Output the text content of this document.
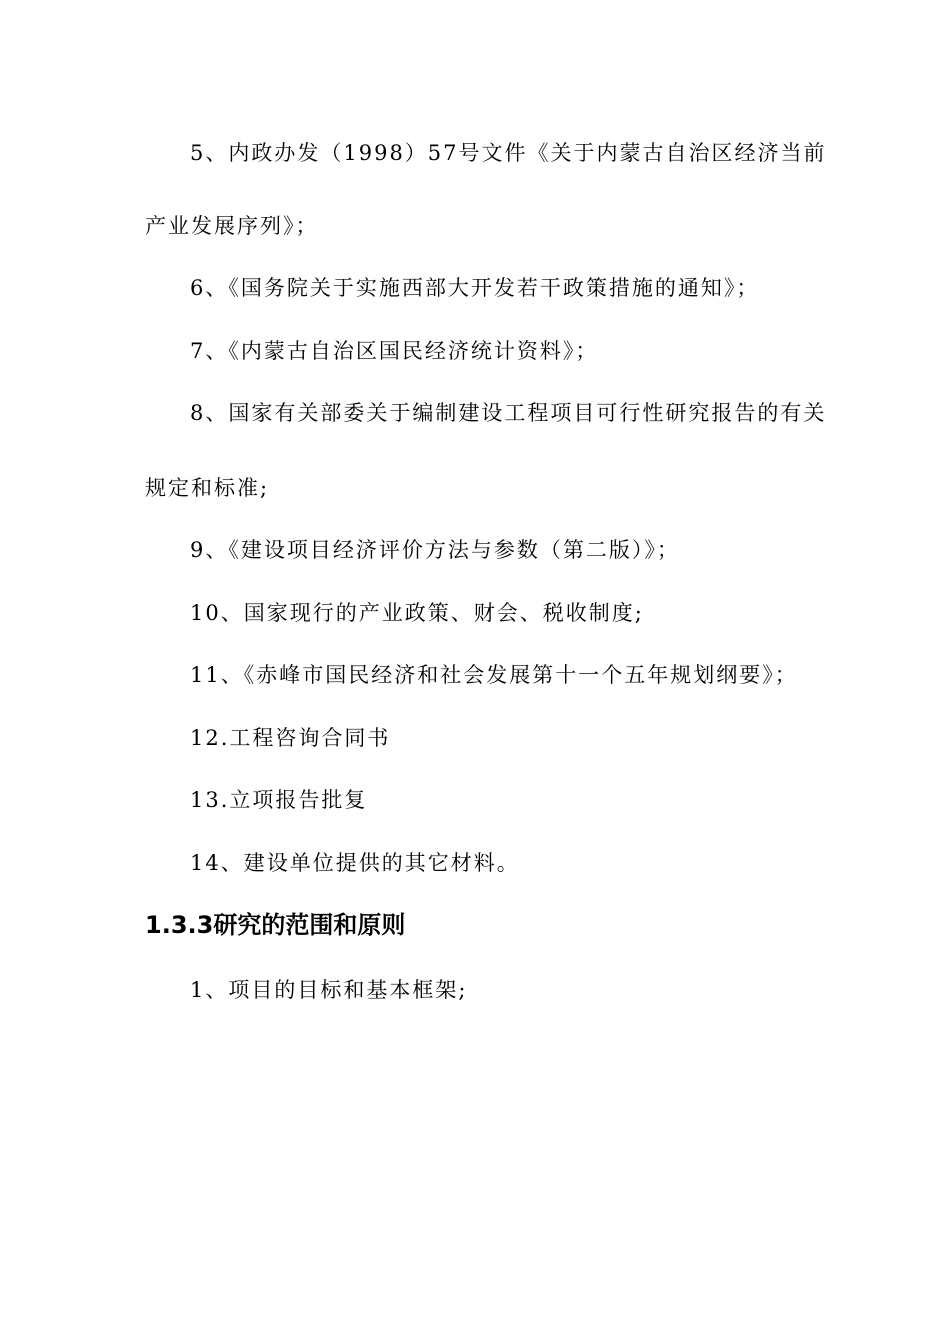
5、内政办发（1998）57号文件《关于内蒙古自治区经济当前
产业发展序列》；
6、《国务院关于实施西部大开发若干政策措施的通知》；
7、《内蒙古自治区国民经济统计资料》；
8、国家有关部委关于编制建设工程项目可行性研究报告的有关
规定和标准;
9、《建设项目经济评价方法与参数（第二版）》；
10、国家现行的产业政策、财会、税收制度;
11、《赤峰市国民经济和社会发展第十一个五年规划纲要》；
12.工程咨询合同书
13.立项报告批复
14、建设单位提供的其它材料。
1.3.3研究的范围和原则
1、项目的目标和基本框架;
